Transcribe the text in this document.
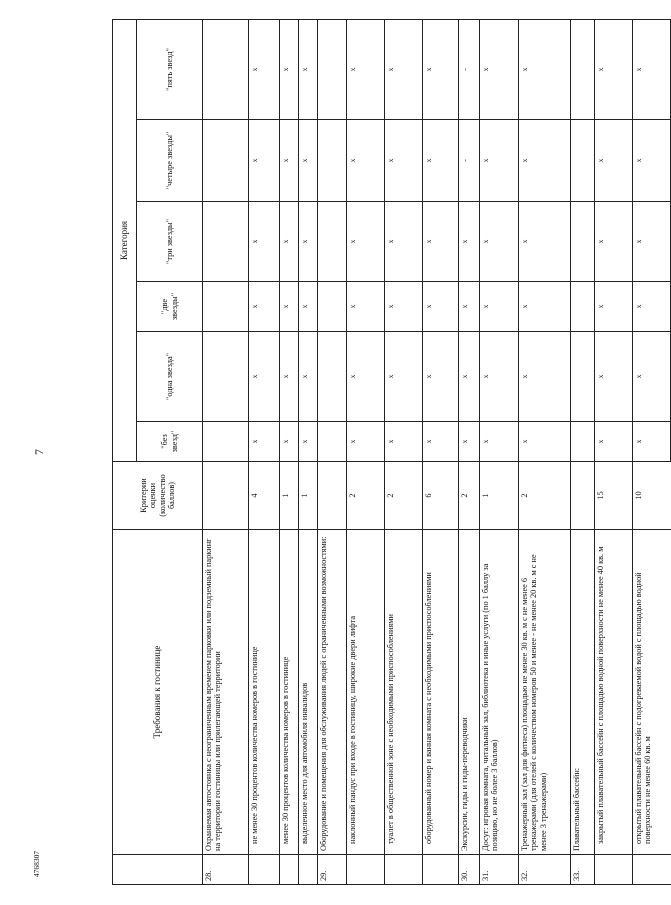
4768307
7
	Требования к гостинице	Критерии оценки (количество баллов)	Категория					
			"без звезд"	"одна звезда"	"две звезды"	"три звезды"	"четыре звезды"	"пять звезд"
28.	Охраняемая автостоянка с неограниченным временем парковки или подземный паркинг на территории гостиницы или прилегающей территории							
	не менее 30 процентов количества номеров в гостинице	4	x	x	x	x	x	x
	менее 30 процентов количества номеров в гостинице	1	x	x	x	x	x	x
	выделенное место для автомобиля инвалидов	1	x	x	x	x	x	x
29.	Оборудование и помещения для обслуживания людей с ограниченными возможностями:							
	наклонный пандус при входе в гостиницу, широкие двери лифта	2	x	x	x	x	x	x
	туалет в общественной зоне с необходимыми приспособлениями	2	x	x	x	x	x	x
	оборудованный номер и ванная комната с необходимыми приспособлениями	6	x	x	x	x	x	x
30.	Экскурсии, гиды и гиды-переводчики	2	x	x	x	x	-	-
31.	Досуг: игровая комната, читальный зал, библиотека и иные услуги (по 1 баллу за позицию, но не более 3 баллов)	1	x	x	x	x	x	x
32.	Тренажерный зал (зал для фитнеса) площадью не менее 30 кв. м с не менее 6 тренажерами (для отелей с количеством номеров 50 и менее - не менее 20 кв. м с не менее 3 тренажерами)	2	x	x	x	x	x	x
33.	Плавательный бассейн:							
	закрытый плавательный бассейн с площадью водной поверхности не менее 40 кв. м	15	x	x	x	x	x	x
	открытый плавательный бассейн с подогреваемой водой с площадью водной поверхности не менее 60 кв. м	10	x	x	x	x	x	x
